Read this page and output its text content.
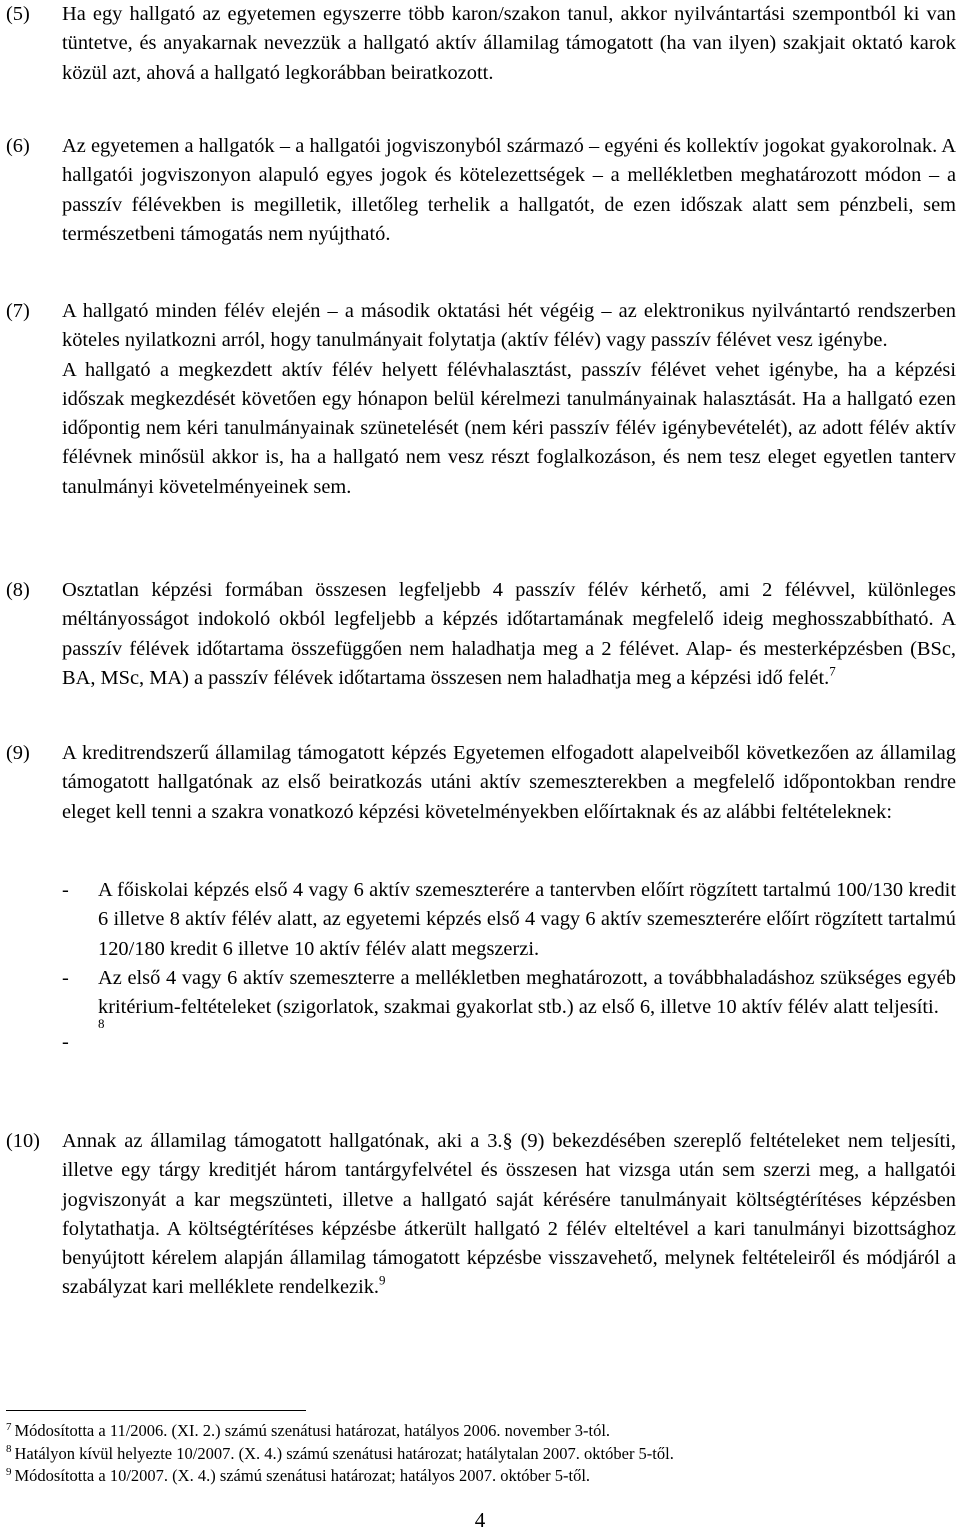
(5) Ha egy hallgató az egyetemen egyszerre több karon/szakon tanul, akkor nyilvántartási szempontból ki van tüntetve, és anyakarnak nevezzük a hallgató aktív államilag támogatott (ha van ilyen) szakjait oktató karok közül azt, ahová a hallgató legkorábban beiratkozott.

(6) Az egyetemen a hallgatók – a hallgatói jogviszonyból származó – egyéni és kollektív jogokat gyakorolnak. A hallgatói jogviszonyon alapuló egyes jogok és kötelezettségek – a mellékletben meghatározott módon – a passzív félévekben is megilletik, illetőleg terhelik a hallgatót, de ezen időszak alatt sem pénzbeli, sem természetbeni támogatás nem nyújtható.

(7) A hallgató minden félév elején – a második oktatási hét végéig – az elektronikus nyilvántartó rendszerben köteles nyilatkozni arról, hogy tanulmányait folytatja (aktív félév) vagy passzív félévet vesz igénybe.

A hallgató a megkezdett aktív félév helyett félévhalasztást, passzív félévet vehet igénybe, ha a képzési időszak megkezdését követően egy hónapon belül kérelmezi tanulmányainak halasztását. Ha a hallgató ezen időpontig nem kéri tanulmányainak szünetelését (nem kéri passzív félév igénybevételét), az adott félév aktív félévnek minősül akkor is, ha a hallgató nem vesz részt foglalkozáson, és nem tesz eleget egyetlen tanterv tanulmányi követelményeinek sem.

(8) Osztatlan képzési formában összesen legfeljebb 4 passzív félév kérhető, ami 2 félévvel, különleges méltányosságot indokoló okból legfeljebb a képzés időtartamának megfelelő ideig meghosszabbítható. A passzív félévek időtartama összefüggően nem haladhatja meg a 2 félévet. Alap- és mesterképzésben (BSc, BA, MSc, MA) a passzív félévek időtartama összesen nem haladhatja meg a képzési idő felét.$^7$

(9) A kreditrendszerű államilag támogatott képzés Egyetemen elfogadott alapelveiből következően az államilag támogatott hallgatónak az első beiratkozás utáni aktív szemeszterekben a megfelelő időpontokban rendre eleget kell tenni a szakra vonatkozó képzési követelményekben előírtaknak és az alábbi feltételeknek:

- A főiskolai képzés első 4 vagy 6 aktív szemeszterére a tantervben előírt rögzített tartalmú 100/130 kredit 6 illetve 8 aktív félév alatt, az egyetemi képzés első 4 vagy 6 aktív szemeszterére előírt rögzített tartalmú 120/180 kredit 6 illetve 10 aktív félév alatt megszerzi.
- Az első 4 vagy 6 aktív szemeszterre a mellékletben meghatározott, a továbbhaladáshoz szükséges egyéb kritérium-feltételeket (szigorlatok, szakmai gyakorlat stb.) az első 6, illetve 10 aktív félév alatt teljesíti.
-
$^8$
(10) Annak az államilag támogatott hallgatónak, aki a 3.§ (9) bekezdésében szereplő feltételeket nem teljesíti, illetve egy tárgy kreditjét három tantárgyfelvétel és összesen hat vizsga után sem szerzi meg, a hallgatói jogviszonyát a kar megszünteti, illetve a hallgató saját kérésére tanulmányait költségtérítéses képzésben folytathatja. A költségtérítéses képzésbe átkerült hallgató 2 félév elteltével a kari tanulmányi bizottsághoz benyújtott kérelem alapján államilag támogatott képzésbe visszavehető, melynek feltételeiről és módjáról a szabályzat kari melléklete rendelkezik.$^9$

$^7$ Módosította a 11/2006. (XI. 2.) számú szenátusi határozat, hatályos 2006. november 3-tól.
$^8$ Hatályon kívül helyezte 10/2007. (X. 4.) számú szenátusi határozat; hatálytalan 2007. október 5-től.
$^9$ Módosította a 10/2007. (X. 4.) számú szenátusi határozat; hatályos 2007. október 5-től.
4
